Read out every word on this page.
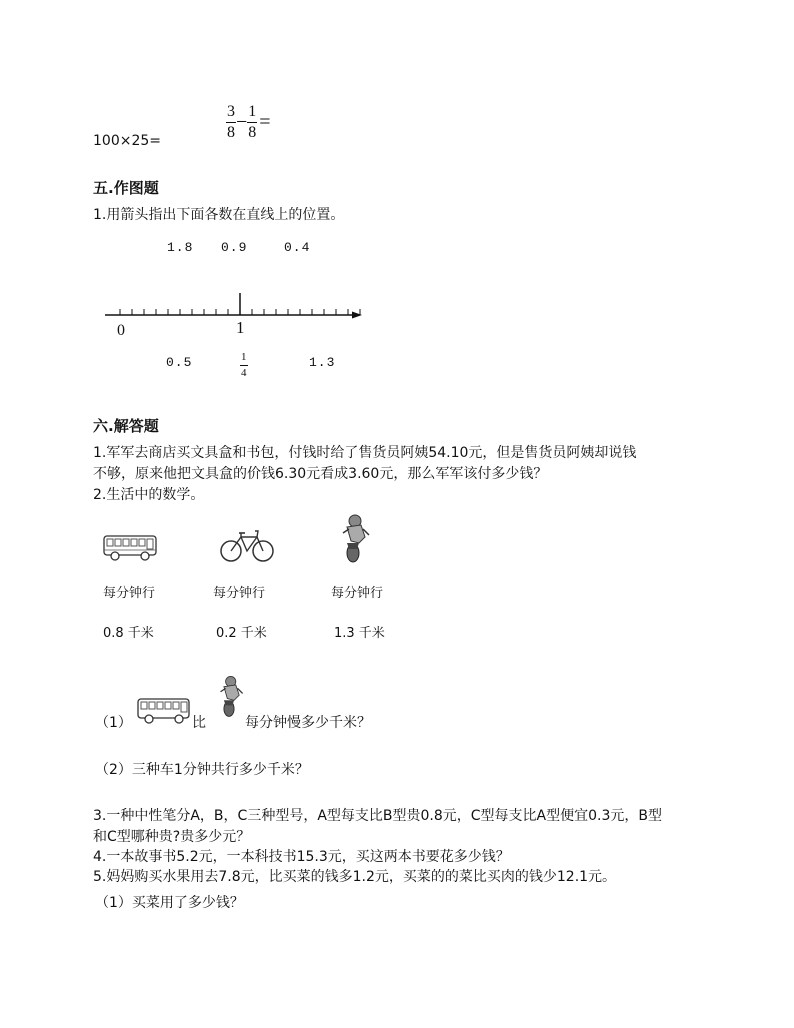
100×25=	$\frac{3}{8} - \frac{1}{8}$ =
五.作图题
1.用箭头指出下面各数在直线上的位置。
1.8 0.9	0.4
0	1
0.5	$\frac{1}{4}$	1.3
六.解答题
1.军军去商店买文具盒和书包，付钱时给了售货员阿姨54.10元，但是售货员阿姨却说钱
不够，原来他把文具盒的价钱6.30元看成3.60元，那么军军该付多少钱？
2.生活中的数学。
每分钟行	每分钟行	每分钟行
0.8 千米	0.2 千米	1.3 千米
（1）	比	每分钟慢多少千米？
（2）三种车1分钟共行多少千米？
3.一种中性笔分A，B，C三种型号，A型每支比B型贵0.8元，C型每支比A型便宜0.3元，B型
和C型哪种贵?贵多少元？
4.一本故事书5.2元，一本科技书15.3元，买这两本书要花多少钱？
5.妈妈购买水果用去7.8元，比买菜的钱多1.2元，买菜的的菜比买肉的钱少12.1元。
（1）买菜用了多少钱？
